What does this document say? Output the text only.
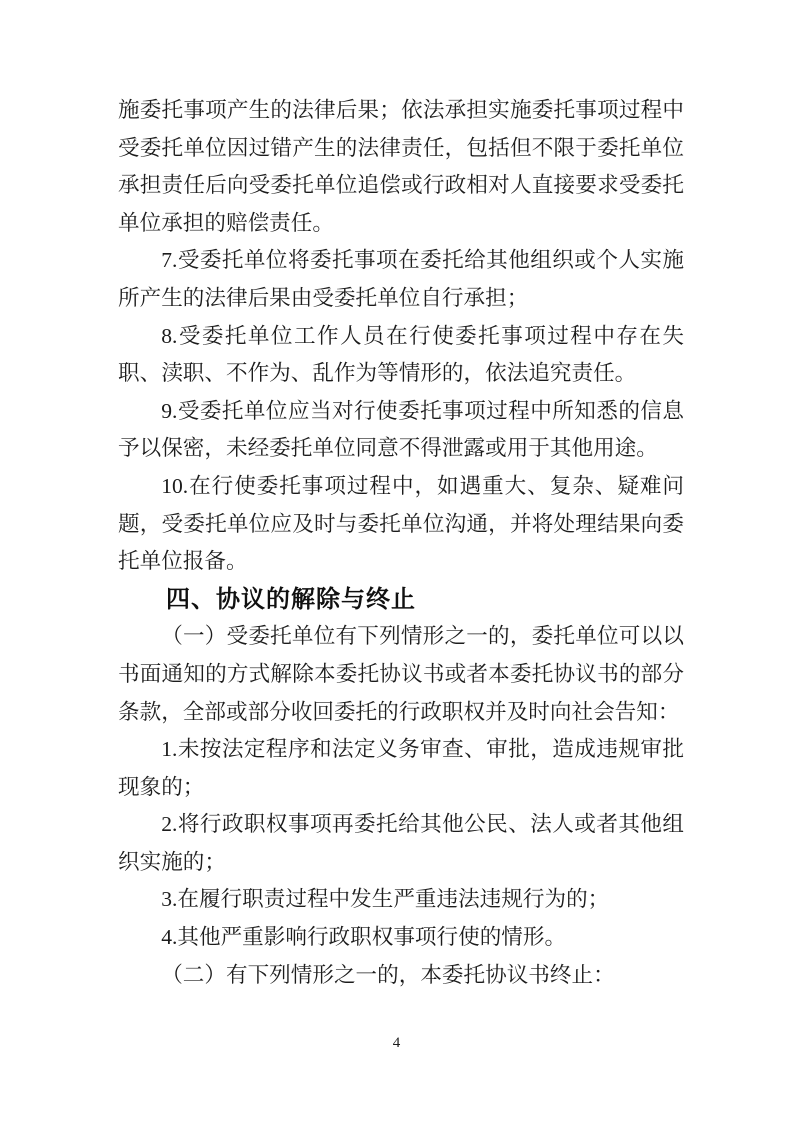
施委托事项产生的法律后果；依法承担实施委托事项过程中受委托单位因过错产生的法律责任，包括但不限于委托单位承担责任后向受委托单位追偿或行政相对人直接要求受委托单位承担的赔偿责任。

7.受委托单位将委托事项在委托给其他组织或个人实施所产生的法律后果由受委托单位自行承担；

8.受委托单位工作人员在行使委托事项过程中存在失职、渎职、不作为、乱作为等情形的，依法追究责任。

9.受委托单位应当对行使委托事项过程中所知悉的信息予以保密，未经委托单位同意不得泄露或用于其他用途。

10.在行使委托事项过程中，如遇重大、复杂、疑难问题，受委托单位应及时与委托单位沟通，并将处理结果向委托单位报备。

四、协议的解除与终止

（一）受委托单位有下列情形之一的，委托单位可以以书面通知的方式解除本委托协议书或者本委托协议书的部分条款，全部或部分收回委托的行政职权并及时向社会告知：

1.未按法定程序和法定义务审查、审批，造成违规审批现象的；

2.将行政职权事项再委托给其他公民、法人或者其他组织实施的；

3.在履行职责过程中发生严重违法违规行为的；

4.其他严重影响行政职权事项行使的情形。

（二）有下列情形之一的，本委托协议书终止：

4
